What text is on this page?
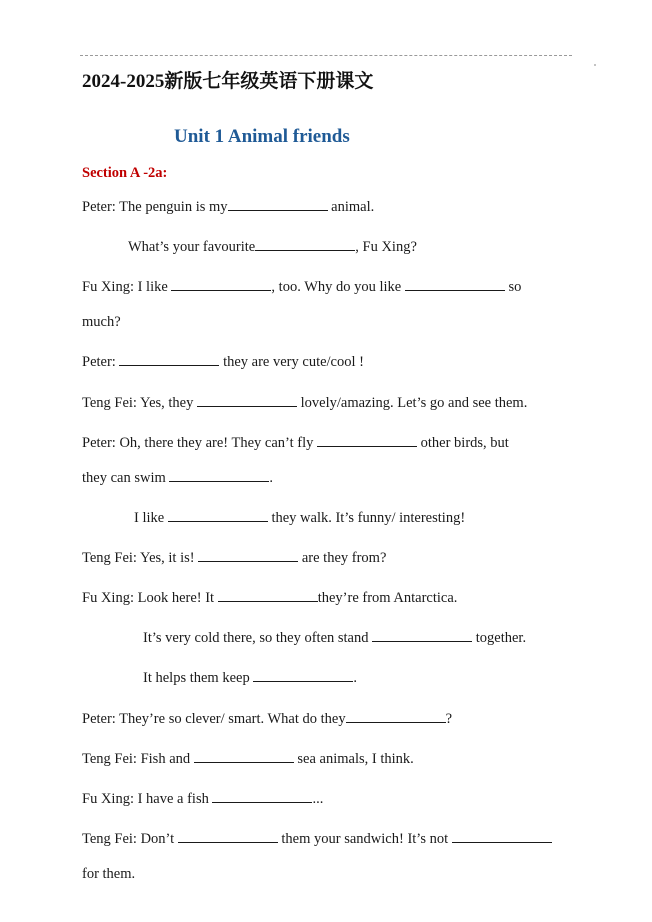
2024-2025新版七年级英语下册课文
Unit 1 Animal friends
Section A -2a:
Peter: The penguin is my	animal.
What’s your favourite	, Fu Xing?
Fu Xing: I like	, too. Why do you like	so
much?
Peter:	they are very cute/cool !
Teng Fei: Yes, they	lovely/amazing. Let’s go and see them.
Peter: Oh, there they are! They can’t fly	other birds, but
they can swim	.
I like	they walk. It’s funny/ interesting!
Teng Fei: Yes, it is!	are they from?
Fu Xing: Look here! It	they’re from Antarctica.
It’s very cold there, so they often stand	together.
It helps them keep	.
Peter: They’re so clever/ smart. What do they	?
Teng Fei: Fish and	sea animals, I think.
Fu Xing: I have a fish	...
Teng Fei: Don’t	them your sandwich! It’s not
for them.
